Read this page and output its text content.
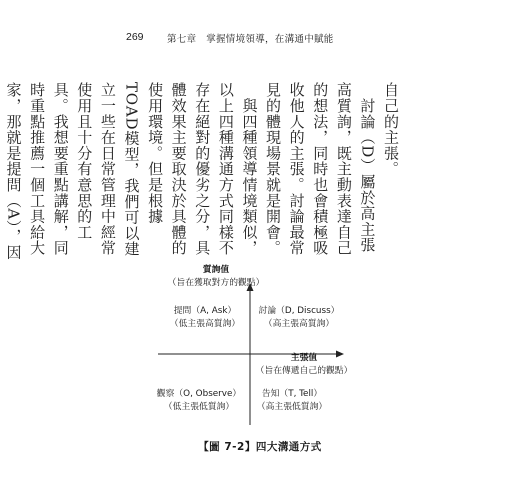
269 第七章　掌握情境領導，在溝通中賦能

自己的主張。

　討論（D）屬於高主張高質詢，既主動表達自己的想法，同時也會積極吸收他人的主張。討論最常見的體現場景就是開會。

　與四種領導情境類似，以上四種溝通方式同樣不存在絕對的優劣之分，具體效果主要取決於具體的使用環境。但是根據TOAD模型，我們可以建立一些在日常管理中經常使用且十分有意思的工具。我想要重點講解，同時重點推薦一個工具給大家，那就是提問（A），因

質詢值
（旨在獲取對方的觀點）
主張值
（旨在傳遞自己的觀點）
提問（A, Ask）
（低主張高質詢）
討論（D, Discuss）
（高主張高質詢）
觀察（O, Observe）
（低主張低質詢）
告知（T, Tell）
（高主張低質詢）
【圖 7-2】四大溝通方式
